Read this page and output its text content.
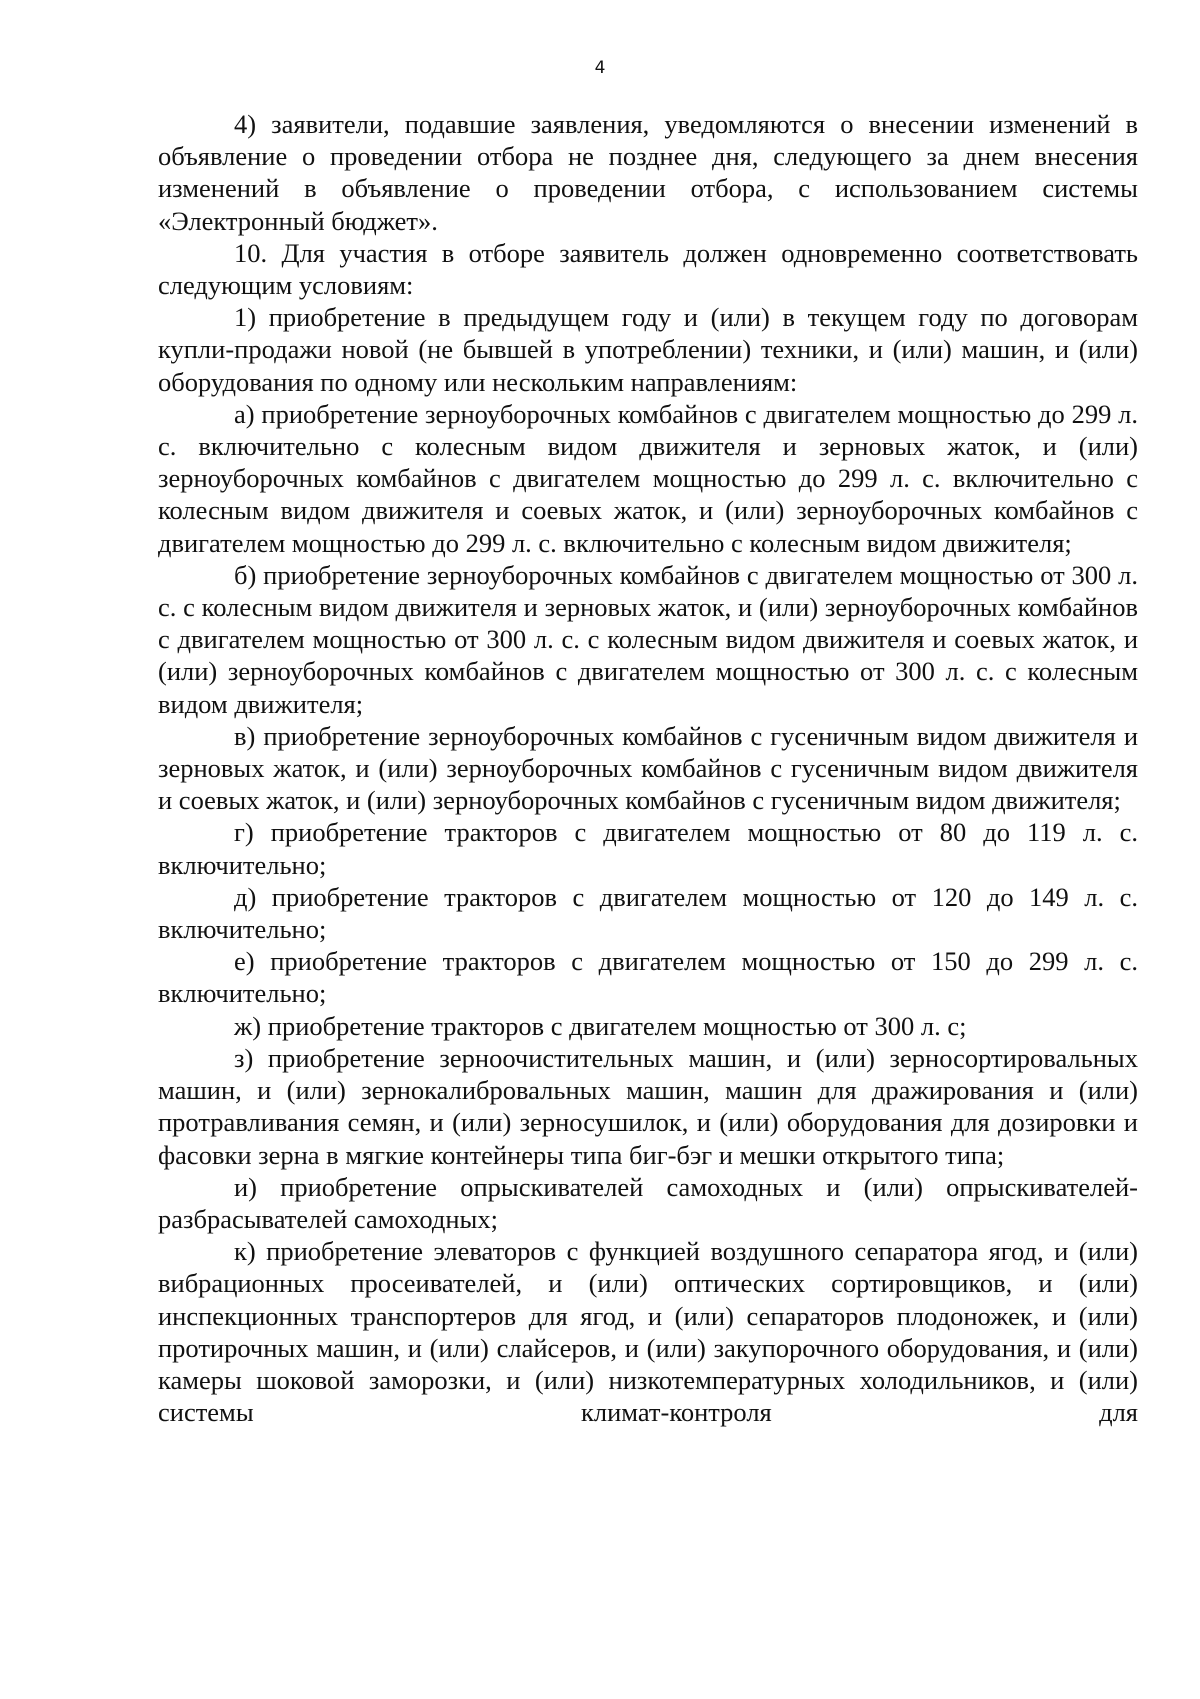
4

4) заявители, подавшие заявления, уведомляются о внесении изменений в объявление о проведении отбора не позднее дня, следующего за днем внесения изменений в объявление о проведении отбора, с использованием системы «Электронный бюджет».

10. Для участия в отборе заявитель должен одновременно соответствовать следующим условиям:

1) приобретение в предыдущем году и (или) в текущем году по договорам купли-продажи новой (не бывшей в употреблении) техники, и (или) машин, и (или) оборудования по одному или нескольким направлениям:

а) приобретение зерноуборочных комбайнов с двигателем мощностью до 299 л. с. включительно с колесным видом движителя и зерновых жаток, и (или) зерноуборочных комбайнов с двигателем мощностью до 299 л. с. включительно с колесным видом движителя и соевых жаток, и (или) зерноуборочных комбайнов с двигателем мощностью до 299 л. с. включительно с колесным видом движителя;

б) приобретение зерноуборочных комбайнов с двигателем мощностью от 300 л. с. с колесным видом движителя и зерновых жаток, и (или) зерноуборочных комбайнов с двигателем мощностью от 300 л. с. с колесным видом движителя и соевых жаток, и (или) зерноуборочных комбайнов с двигателем мощностью от 300 л. с. с колесным видом движителя;

в) приобретение зерноуборочных комбайнов с гусеничным видом движителя и зерновых жаток, и (или) зерноуборочных комбайнов с гусеничным видом движителя и соевых жаток, и (или) зерноуборочных комбайнов с гусеничным видом движителя;

г) приобретение тракторов с двигателем мощностью от 80 до 119 л. с. включительно;

д) приобретение тракторов с двигателем мощностью от 120 до 149 л. с. включительно;

е) приобретение тракторов с двигателем мощностью от 150 до 299 л. с. включительно;

ж) приобретение тракторов с двигателем мощностью от 300 л. с;

з) приобретение зерноочистительных машин, и (или) зерносортировальных машин, и (или) зернокалибровальных машин, машин для дражирования и (или) протравливания семян, и (или) зерносушилок, и (или) оборудования для дозировки и фасовки зерна в мягкие контейнеры типа биг-бэг и мешки открытого типа;

и) приобретение опрыскивателей самоходных и (или) опрыскивателей-разбрасывателей самоходных;

к) приобретение элеваторов с функцией воздушного сепаратора ягод, и (или) вибрационных просеивателей, и (или) оптических сортировщиков, и (или) инспекционных транспортеров для ягод, и (или) сепараторов плодоножек, и (или) протирочных машин, и (или) слайсеров, и (или) закупорочного оборудования, и (или) камеры шоковой заморозки, и (или) низкотемпературных холодильников, и (или) системы климат-контроля для
